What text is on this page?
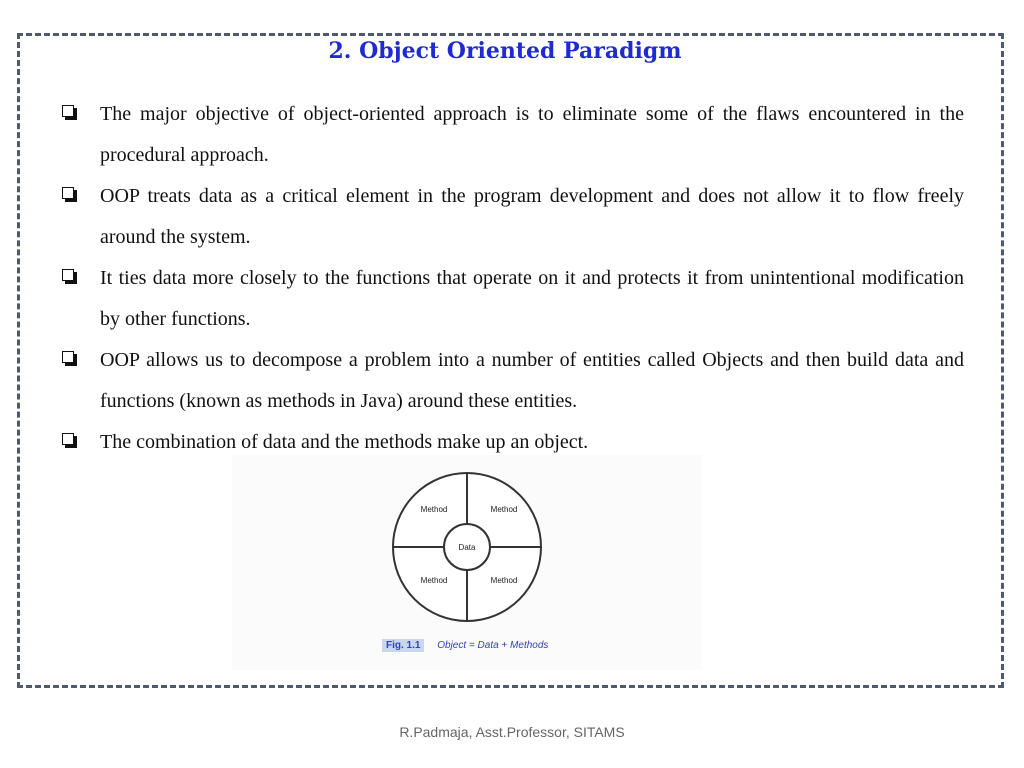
2. Object Oriented Paradigm
The major objective of object-oriented approach is to eliminate some of the flaws encountered in the procedural approach.
OOP treats data as a critical element in the program development and does not allow it to flow freely around the system.
It ties data more closely to the functions that operate on it and protects it from unintentional modification by other functions.
OOP allows us to decompose a problem into a number of entities called Objects and then build data and functions (known as methods in Java) around these entities.
The combination of data and the methods make up an object.
Data
Method	Method
Method	Method
Fig. 1.1 Object = Data + Methods
R.Padmaja, Asst.Professor, SITAMS
